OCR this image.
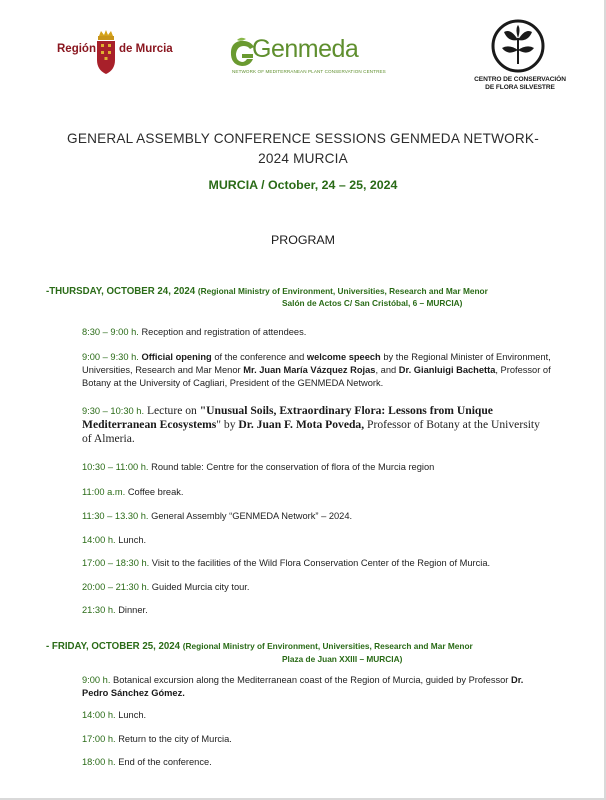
Región de Murcia	Genmeda
NETWORK OF MEDITERRANEAN PLANT CONSERVATION CENTRES
CENTRO DE CONSERVACIÓN
DE FLORA SILVESTRE
GENERAL ASSEMBLY CONFERENCE SESSIONS GENMEDA NETWORK-
2024 MURCIA
MURCIA / October, 24 – 25, 2024
PROGRAM
-THURSDAY, OCTOBER 24, 2024 (Regional Ministry of Environment, Universities, Research and Mar Menor
Salón de Actos C/ San Cristóbal, 6 – MURCIA)
8:30 – 9:00 h. Reception and registration of attendees.
9:00 – 9:30 h. Official opening of the conference and welcome speech by the Regional Minister of Environment, Universities, Research and Mar Menor Mr. Juan María Vázquez Rojas, and Dr. Gianluigi Bachetta, Professor of Botany at the University of Cagliari, President of the GENMEDA Network.
9:30 – 10:30 h. Lecture on "Unusual Soils, Extraordinary Flora: Lessons from Unique Mediterranean Ecosystems" by Dr. Juan F. Mota Poveda, Professor of Botany at the University of Almeria.
10:30 – 11:00 h. Round table: Centre for the conservation of flora of the Murcia region
11:00 a.m. Coffee break.
11:30 – 13.30 h. General Assembly “GENMEDA Network” – 2024.
14:00 h. Lunch.
17:00 – 18:30 h. Visit to the facilities of the Wild Flora Conservation Center of the Region of Murcia.
20:00 – 21:30 h. Guided Murcia city tour.
21:30 h. Dinner.
- FRIDAY, OCTOBER 25, 2024 (Regional Ministry of Environment, Universities, Research and Mar Menor
Plaza de Juan XXIII – MURCIA)
9:00 h. Botanical excursion along the Mediterranean coast of the Region of Murcia, guided by Professor Dr. Pedro Sánchez Gómez.
14:00 h. Lunch.
17:00 h. Return to the city of Murcia.
18:00 h. End of the conference.
